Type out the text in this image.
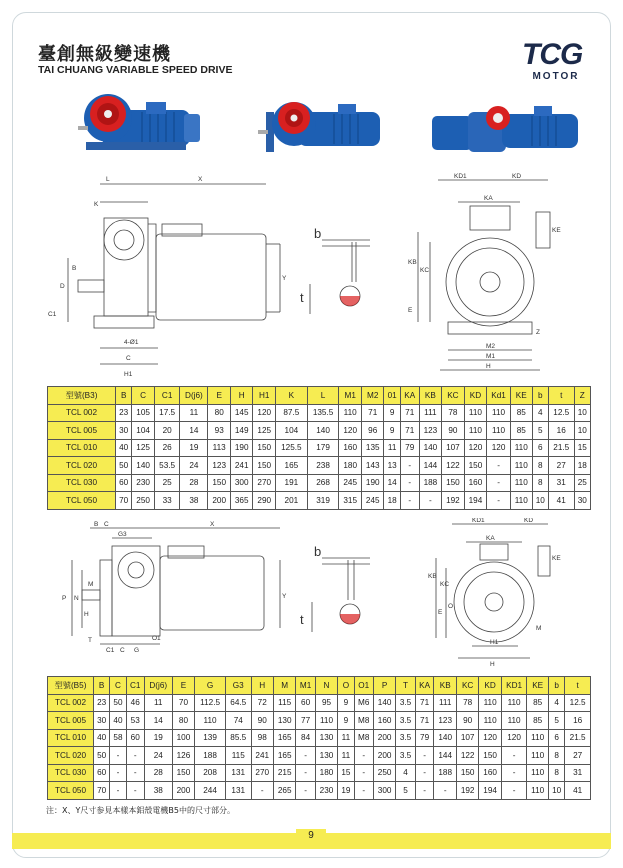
臺創無級變速機
TAI CHUANG VARIABLE SPEED DRIVE	TCG
MOTOR
L	X
K
B
D
C1
4-Ø1
C
H1
Y
b
t
KD1	KD
KA
KB
KC
KE
E
M2
M1
H
Z
型號(B3)	B	C	C1	D(j6)	E	H	H1	K	L	M1	M2	01	KA	KB	KC	KD	Kd1	KE	b	t	Z
TCL 002	23	105	17.5	11	80	145	120	87.5	135.5	110	71	9	71	111	78	110	110	85	4	12.5	10
TCL 005	30	104	20	14	93	149	125	104	140	120	96	9	71	123	90	110	110	85	5	16	10
TCL 010	40	125	26	19	113	190	150	125.5	179	160	135	11	79	140	107	120	120	110	6	21.5	15
TCL 020	50	140	53.5	24	123	241	150	165	238	180	143	13	-	144	122	150	-	110	8	27	18
TCL 030	60	230	25	28	150	300	270	191	268	245	190	14	-	188	150	160	-	110	8	31	25
TCL 050	70	250	33	38	200	365	290	201	319	315	245	18	-	-	192	194	-	110	10	41	30
B
G3
C	X
P N
M
H
T
C1 C G
O1
Y
b
t
KD1	KD
KA
KE
KB
KC
E
O
M
H1
H
型號(B5)	B	C	C1	D(j6)	E	G	G3	H	M	M1	N	O	O1	P	T	KA	KB	KC	KD	KD1	KE	b	t
TCL 002	23	50	46	11	70	112.5	64.5	72	115	60	95	9	M6	140	3.5	71	111	78	110	110	85	4	12.5
TCL 005	30	40	53	14	80	110	74	90	130	77	110	9	M8	160	3.5	71	123	90	110	110	85	5	16
TCL 010	40	58	60	19	100	139	85.5	98	165	84	130	11	M8	200	3.5	79	140	107	120	120	110	6	21.5
TCL 020	50	-	-	24	126	188	115	241	165	-	130	11	-	200	3.5	-	144	122	150	-	110	8	27
TCL 030	60	-	-	28	150	208	131	270	215	-	180	15	-	250	4	-	188	150	160	-	110	8	31
TCL 050	70	-	-	38	200	244	131	-	265	-	230	19	-	300	5	-	-	192	194	-	110	10	41
注：X、Y尺寸参見本樣本鋁殼電機B5中的尺寸部分。
9
